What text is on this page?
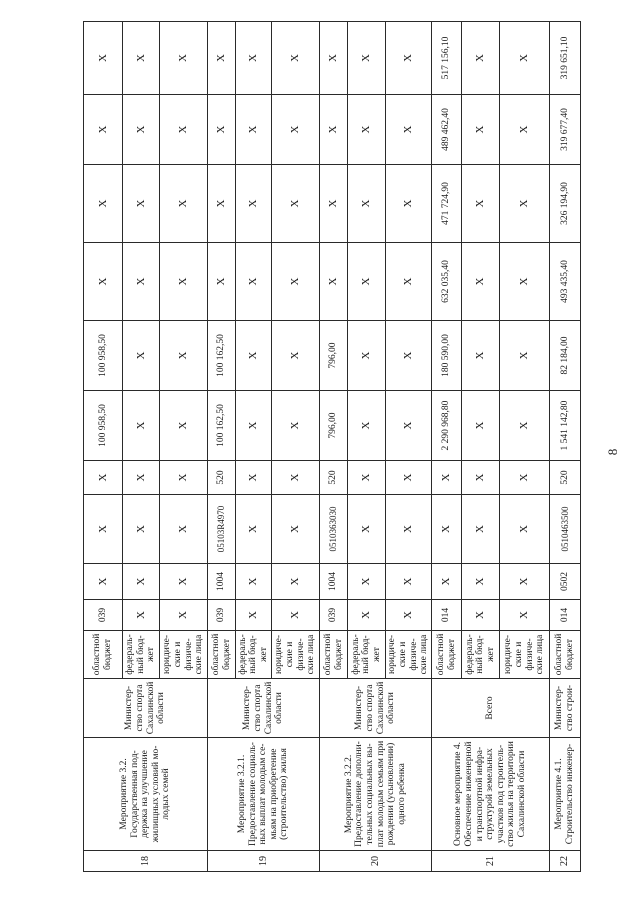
8
18	Мероприятие 3.2. Государственная под-держка на улучшение жилищных условий мо-лодых семей	Министер-ство спорта Сахалинской области	областной бюджет	039	X	X	X	100 958,50	100 958,50	X	X	X	X
			федераль-ный бюд-жет	X	X	X	X	X	X	X	X	X	X
			юридиче-ские и физиче-ские лица	X	X	X	X	X	X	X	X	X	X
19	Мероприятие 3.2.1. Предоставление социаль-ных выплат молодым се-мьям на приобретение (строительство) жилья	Министер-ство спорта Сахалинской области	областной бюджет	039	1004	05103R4970	520	100 162,50	100 162,50	X	X	X	X
			федераль-ный бюд-жет	X	X	X	X	X	X	X	X	X	X
			юридиче-ские и физиче-ские лица	X	X	X	X	X	X	X	X	X	X
20	Мероприятие 3.2.2. Предоставление дополни-тельных социальных вы-плат молодым семьям при рождении (усыновлении) одного ребенка	Министер-ство спорта Сахалинской области	областной бюджет	039	1004	0510363030	520	796,00	796,00	X	X	X	X
			федераль-ный бюд-жет	X	X	X	X	X	X	X	X	X	X
			юридиче-ские и физиче-ские лица	X	X	X	X	X	X	X	X	X	X
21	Основное мероприятие 4. Обеспечение инженерной и транспортной инфра-структурой земельных участков под строитель-ство жилья на территории Сахалинской области	Всего	областной бюджет	014	X	X	X	2 290 968,80	180 590,00	632 035,40	471 724,90	489 462,40	517 156,10
			федераль-ный бюд-жет	X	X	X	X	X	X	X	X	X	X
			юридиче-ские и физиче-ские лица	X	X	X	X	X	X	X	X	X	X
22	Мероприятие 4.1. Строительство инженер-	Министер-ство строи-	областной бюджет	014	0502	0510463500	520	1 541 142,80	82 184,00	493 435,40	326 194,90	319 677,40	319 651,10
